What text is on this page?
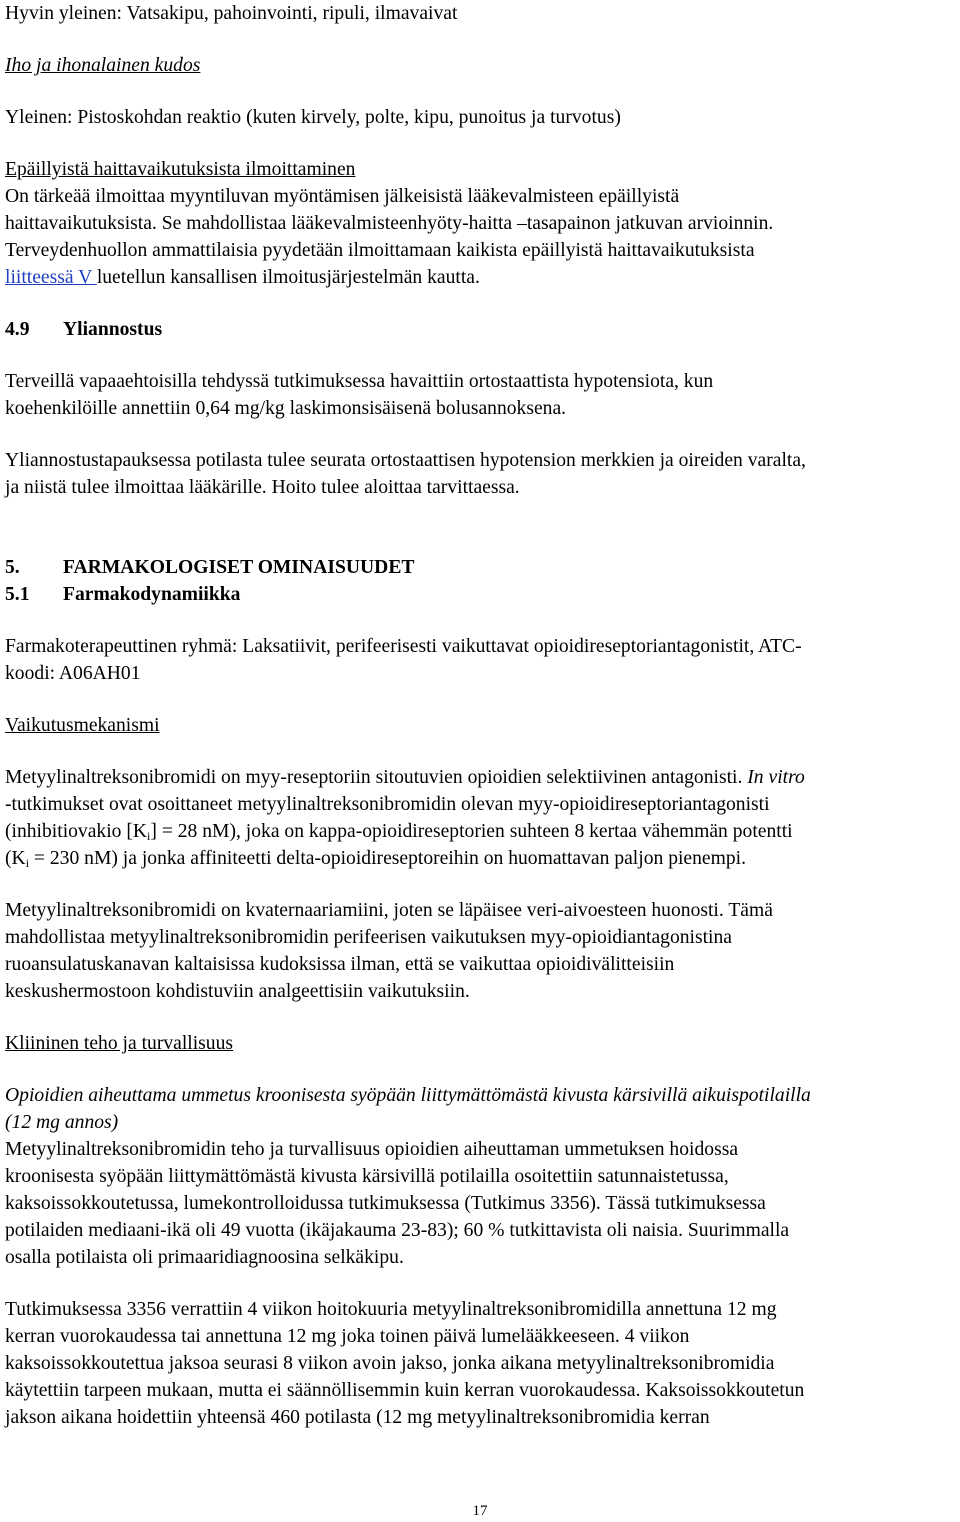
Hyvin yleinen: Vatsakipu, pahoinvointi, ripuli, ilmavaivat
Iho ja ihonalainen kudos
Yleinen: Pistoskohdan reaktio (kuten kirvely, polte, kipu, punoitus ja turvotus)
Epäillyistä haittavaikutuksista ilmoittaminen
On tärkeää ilmoittaa myyntiluvan myöntämisen jälkeisistä lääkevalmisteen epäillyistä
haittavaikutuksista. Se mahdollistaa lääkevalmisteenhyöty-haitta –tasapainon jatkuvan arvioinnin.
Terveydenhuollon ammattilaisia pyydetään ilmoittamaan kaikista epäillyistä haittavaikutuksista
liitteessä V luetellun kansallisen ilmoitusjärjestelmän kautta.
4.9 Yliannostus
Terveillä vapaaehtoisilla tehdyssä tutkimuksessa havaittiin ortostaattista hypotensiota, kun
koehenkilöille annettiin 0,64 mg/kg laskimonsisäisenä bolusannoksena.
Yliannostustapauksessa potilasta tulee seurata ortostaattisen hypotension merkkien ja oireiden varalta,
ja niistä tulee ilmoittaa lääkärille. Hoito tulee aloittaa tarvittaessa.
5. FARMAKOLOGISET OMINAISUUDET
5.1 Farmakodynamiikka
Farmakoterapeuttinen ryhmä: Laksatiivit, perifeerisesti vaikuttavat opioidireseptoriantagonistit, ATC-
koodi: A06AH01
Vaikutusmekanismi
Metyylinaltreksonibromidi on myy-reseptoriin sitoutuvien opioidien selektiivinen antagonisti. In vitro
-tutkimukset ovat osoittaneet metyylinaltreksonibromidin olevan myy-opioidireseptoriantagonisti
(inhibitiovakio $[K_i] = 28$ nM), joka on kappa-opioidireseptorien suhteen 8 kertaa vähemmän potentti
($K_i = 230$ nM) ja jonka affiniteetti delta-opioidireseptoreihin on huomattavan paljon pienempi.
Metyylinaltreksonibromidi on kvaternaariamiini, joten se läpäisee veri-aivoesteen huonosti. Tämä
mahdollistaa metyylinaltreksonibromidin perifeerisen vaikutuksen myy-opioidiantagonistina
ruoansulatuskanavan kaltaisissa kudoksissa ilman, että se vaikuttaa opioidivälitteisiin
keskushermostoon kohdistuviin analgeettisiin vaikutuksiin.
Kliininen teho ja turvallisuus
Opioidien aiheuttama ummetus kroonisesta syöpään liittymättömästä kivusta kärsivillä aikuispotilailla
(12 mg annos)
Metyylinaltreksonibromidin teho ja turvallisuus opioidien aiheuttaman ummetuksen hoidossa
kroonisesta syöpään liittymättömästä kivusta kärsivillä potilailla osoitettiin satunnaistetussa,
kaksoissokkoutetussa, lumekontrolloidussa tutkimuksessa (Tutkimus 3356). Tässä tutkimuksessa
potilaiden mediaani-ikä oli 49 vuotta (ikäjakauma 23-83); 60 % tutkittavista oli naisia. Suurimmalla
osalla potilaista oli primaaridiagnoosina selkäkipu.
Tutkimuksessa 3356 verrattiin 4 viikon hoitokuuria metyylinaltreksonibromidilla annettuna 12 mg
kerran vuorokaudessa tai annettuna 12 mg joka toinen päivä lumelääkkeeseen. 4 viikon
kaksoissokkoutettua jaksoa seurasi 8 viikon avoin jakso, jonka aikana metyylinaltreksonibromidia
käytettiin tarpeen mukaan, mutta ei säännöllisemmin kuin kerran vuorokaudessa. Kaksoissokkoutetun
jakson aikana hoidettiin yhteensä 460 potilasta (12 mg metyylinaltreksonibromidia kerran
17
